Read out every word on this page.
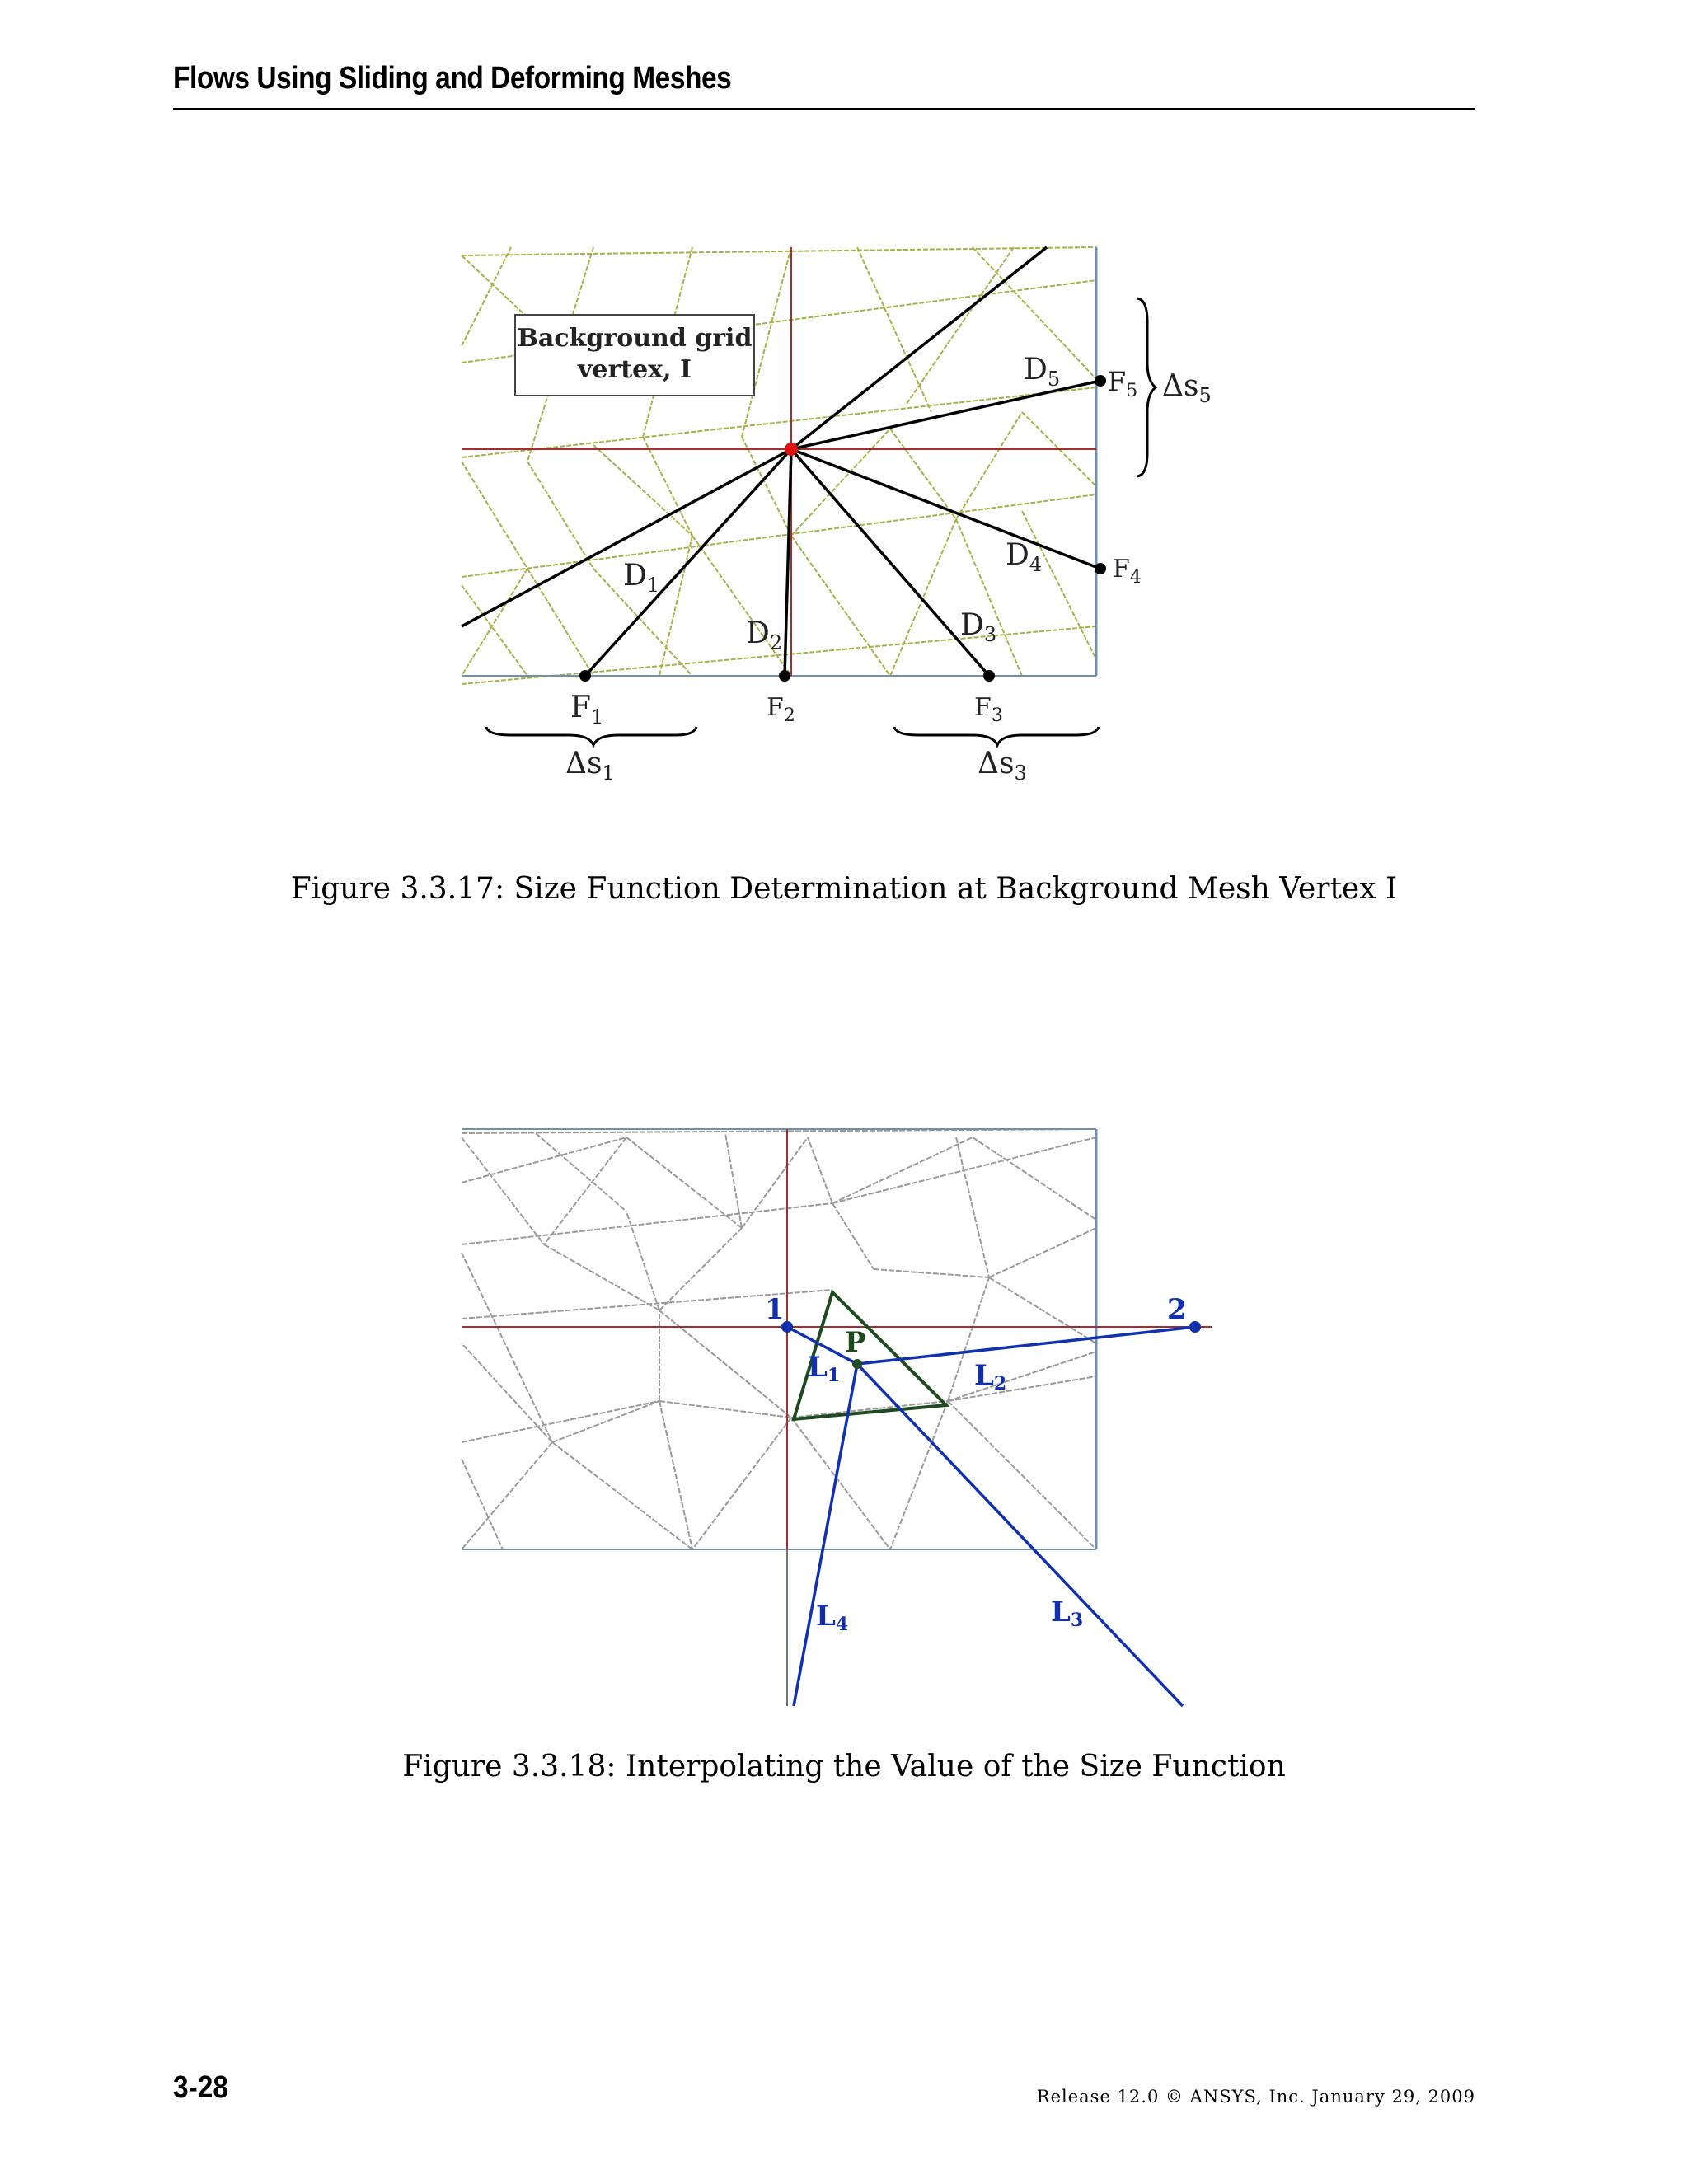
Flows Using Sliding and Deforming Meshes
Background grid
vertex, I
$D_1$
$D_2$
$D_3$
$D_4$
$D_5$
$F_1$	$F_2$	$F_3$
$F_4$
$F_5$
$\Delta s_1$	$\Delta s_3$
$\Delta s_5$
Figure 3.3.17: Size Function Determination at Background Mesh Vertex I
1	2
P
L1	L2
L3
L4
Figure 3.3.18: Interpolating the Value of the Size Function
3-28	Release 12.0 © ANSYS, Inc. January 29, 2009
